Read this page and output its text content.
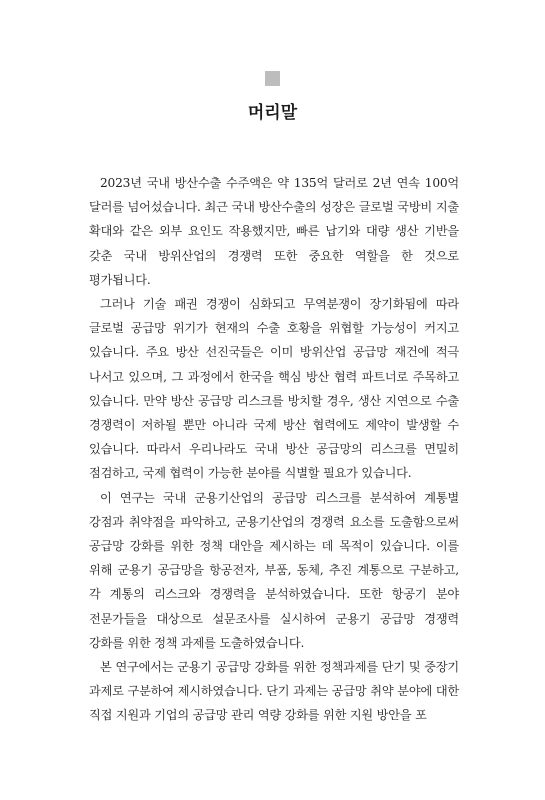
머리말

2023년 국내 방산수출 수주액은 약 135억 달러로 2년 연속 100억 달러를 넘어섰습니다. 최근 국내 방산수출의 성장은 글로벌 국방비 지출 확대와 같은 외부 요인도 작용했지만, 빠른 납기와 대량 생산 기반을 갖춘 국내 방위산업의 경쟁력 또한 중요한 역할을 한 것으로 평가됩니다.

그러나 기술 패권 경쟁이 심화되고 무역분쟁이 장기화됨에 따라 글로벌 공급망 위기가 현재의 수출 호황을 위협할 가능성이 커지고 있습니다. 주요 방산 선진국들은 이미 방위산업 공급망 재건에 적극 나서고 있으며, 그 과정에서 한국을 핵심 방산 협력 파트너로 주목하고 있습니다. 만약 방산 공급망 리스크를 방치할 경우, 생산 지연으로 수출 경쟁력이 저하될 뿐만 아니라 국제 방산 협력에도 제약이 발생할 수 있습니다. 따라서 우리나라도 국내 방산 공급망의 리스크를 면밀히 점검하고, 국제 협력이 가능한 분야를 식별할 필요가 있습니다.

이 연구는 국내 군용기산업의 공급망 리스크를 분석하여 계통별 강점과 취약점을 파악하고, 군용기산업의 경쟁력 요소를 도출함으로써 공급망 강화를 위한 정책 대안을 제시하는 데 목적이 있습니다. 이를 위해 군용기 공급망을 항공전자, 부품, 동체, 추진 계통으로 구분하고, 각 계통의 리스크와 경쟁력을 분석하였습니다. 또한 항공기 분야 전문가들을 대상으로 설문조사를 실시하여 군용기 공급망 경쟁력 강화를 위한 정책 과제를 도출하였습니다.

본 연구에서는 군용기 공급망 강화를 위한 정책과제를 단기 및 중장기 과제로 구분하여 제시하였습니다. 단기 과제는 공급망 취약 분야에 대한 직접 지원과 기업의 공급망 관리 역량 강화를 위한 지원 방안을 포
